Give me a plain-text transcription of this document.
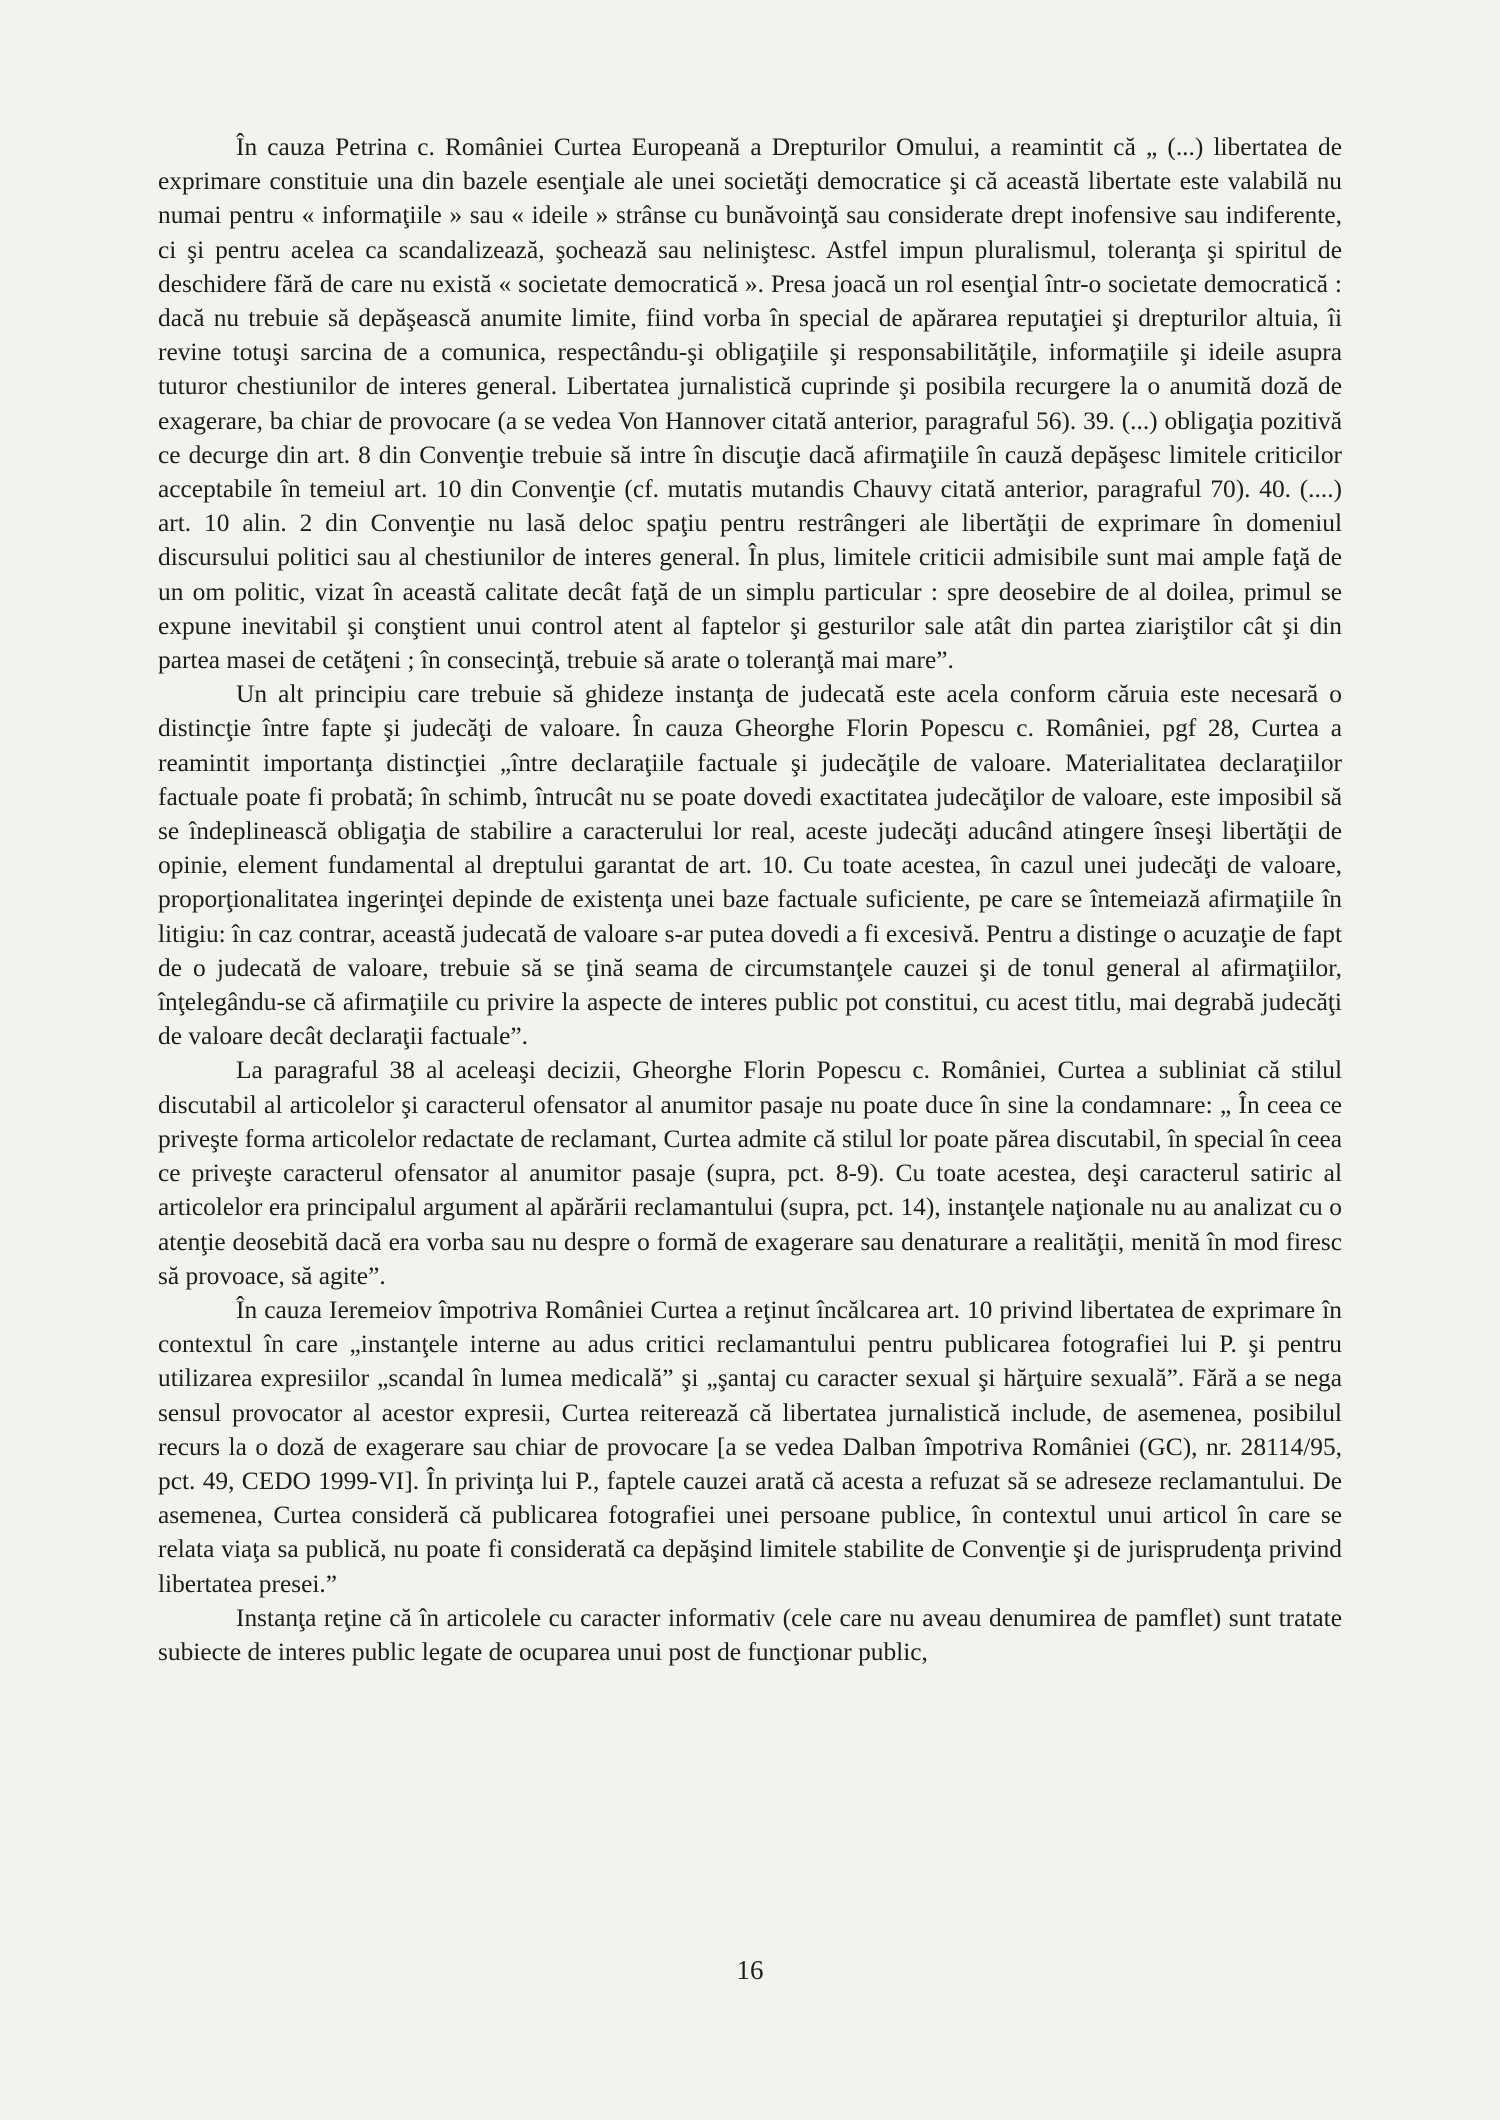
În cauza Petrina c. României Curtea Europeană a Drepturilor Omului, a reamintit că „ (...) libertatea de exprimare constituie una din bazele esenţiale ale unei societăţi democratice şi că această libertate este valabilă nu numai pentru « informaţiile » sau « ideile » strânse cu bunăvoinţă sau considerate drept inofensive sau indiferente, ci şi pentru acelea ca scandalizează, şochează sau neliniştesc. Astfel impun pluralismul, toleranţa şi spiritul de deschidere fără de care nu există « societate democratică ». Presa joacă un rol esenţial într-o societate democratică : dacă nu trebuie să depăşească anumite limite, fiind vorba în special de apărarea reputaţiei şi drepturilor altuia, îi revine totuşi sarcina de a comunica, respectându-şi obligaţiile şi responsabilităţile, informaţiile şi ideile asupra tuturor chestiunilor de interes general. Libertatea jurnalistică cuprinde şi posibila recurgere la o anumită doză de exagerare, ba chiar de provocare (a se vedea Von Hannover citată anterior, paragraful 56). 39. (...) obligaţia pozitivă ce decurge din art. 8 din Convenţie trebuie să intre în discuţie dacă afirmaţiile în cauză depăşesc limitele criticilor acceptabile în temeiul art. 10 din Convenţie (cf. mutatis mutandis Chauvy citată anterior, paragraful 70). 40. (....) art. 10 alin. 2 din Convenţie nu lasă deloc spaţiu pentru restrângeri ale libertăţii de exprimare în domeniul discursului politici sau al chestiunilor de interes general. În plus, limitele criticii admisibile sunt mai ample faţă de un om politic, vizat în această calitate decât faţă de un simplu particular : spre deosebire de al doilea, primul se expune inevitabil şi conştient unui control atent al faptelor şi gesturilor sale atât din partea ziariştilor cât şi din partea masei de cetăţeni ; în consecinţă, trebuie să arate o toleranţă mai mare”.

Un alt principiu care trebuie să ghideze instanţa de judecată este acela conform căruia este necesară o distincţie între fapte şi judecăţi de valoare. În cauza Gheorghe Florin Popescu c. României, pgf 28, Curtea a reamintit importanţa distincţiei „între declaraţiile factuale şi judecăţile de valoare. Materialitatea declaraţiilor factuale poate fi probată; în schimb, întrucât nu se poate dovedi exactitatea judecăţilor de valoare, este imposibil să se îndeplinească obligaţia de stabilire a caracterului lor real, aceste judecăţi aducând atingere înseşi libertăţii de opinie, element fundamental al dreptului garantat de art. 10. Cu toate acestea, în cazul unei judecăţi de valoare, proporţionalitatea ingerinţei depinde de existenţa unei baze factuale suficiente, pe care se întemeiază afirmaţiile în litigiu: în caz contrar, această judecată de valoare s-ar putea dovedi a fi excesivă. Pentru a distinge o acuzaţie de fapt de o judecată de valoare, trebuie să se ţină seama de circumstanţele cauzei şi de tonul general al afirmaţiilor, înţelegându-se că afirmaţiile cu privire la aspecte de interes public pot constitui, cu acest titlu, mai degrabă judecăţi de valoare decât declaraţii factuale”.

La paragraful 38 al aceleaşi decizii, Gheorghe Florin Popescu c. României, Curtea a subliniat că stilul discutabil al articolelor şi caracterul ofensator al anumitor pasaje nu poate duce în sine la condamnare: „ În ceea ce priveşte forma articolelor redactate de reclamant, Curtea admite că stilul lor poate părea discutabil, în special în ceea ce priveşte caracterul ofensator al anumitor pasaje (supra, pct. 8-9). Cu toate acestea, deşi caracterul satiric al articolelor era principalul argument al apărării reclamantului (supra, pct. 14), instanţele naţionale nu au analizat cu o atenţie deosebită dacă era vorba sau nu despre o formă de exagerare sau denaturare a realităţii, menită în mod firesc să provoace, să agite”.

În cauza Ieremeiov împotriva României Curtea a reţinut încălcarea art. 10 privind libertatea de exprimare în contextul în care „instanţele interne au adus critici reclamantului pentru publicarea fotografiei lui P. şi pentru utilizarea expresiilor „scandal în lumea medicală” şi „şantaj cu caracter sexual şi hărţuire sexuală”. Fără a se nega sensul provocator al acestor expresii, Curtea reiterează că libertatea jurnalistică include, de asemenea, posibilul recurs la o doză de exagerare sau chiar de provocare [a se vedea Dalban împotriva României (GC), nr. 28114/95, pct. 49, CEDO 1999-VI]. În privinţa lui P., faptele cauzei arată că acesta a refuzat să se adreseze reclamantului. De asemenea, Curtea consideră că publicarea fotografiei unei persoane publice, în contextul unui articol în care se relata viaţa sa publică, nu poate fi considerată ca depăşind limitele stabilite de Convenţie şi de jurisprudenţa privind libertatea presei.”

Instanţa reţine că în articolele cu caracter informativ (cele care nu aveau denumirea de pamflet) sunt tratate subiecte de interes public legate de ocuparea unui post de funcţionar public,

16
